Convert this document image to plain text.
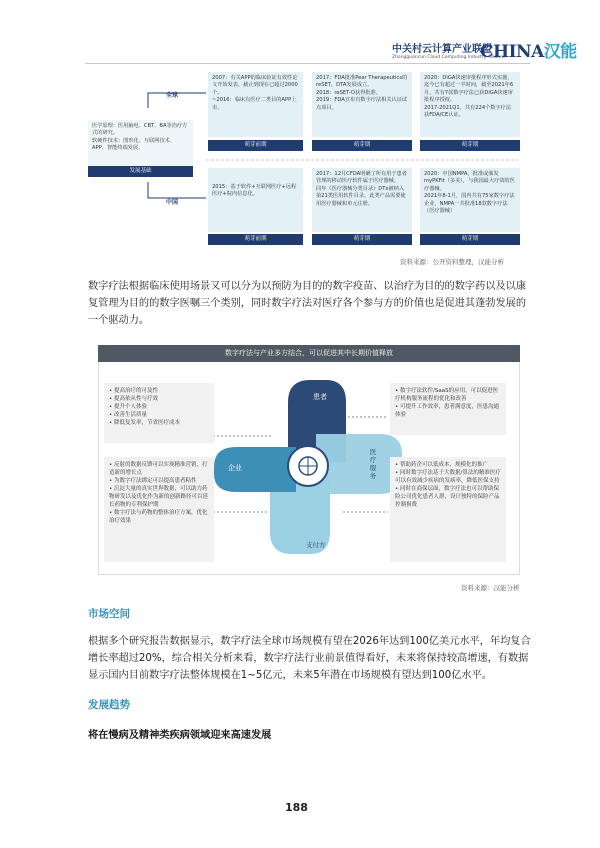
中关村云计算产业联盟
Zhongguancun Cloud Computing Industry Alliance
CHINA汉能
全球
中国
医学原理：医用脑电、CBT、BA等治疗方式的研究。
软硬件技术：图形化、互联网技术、APP、智能终端发展。
发展基础
2007：有关APP的临床验证有效性论文开始发表，截止到现在已超过2000个。
~2016：临床有医疗二类目的APP上市。
2017：FDA批准Pear Therapeutics的reSET，DTA发展成立。
2018：reSET-O获得批准。
2019：FDA宣布有数字疗法相关认证试点项目。
2020：DiGA快速审批程序形式实施，迄今已有超过一半时间，截至2021年6月，共有7款数字疗法已获DiGA快速审批程序授权。
2017-2021Q1，共有224个数字疗法获FDA/CE认证。
萌芽前期	萌芽期	萌芽期
2015：基于软件+互联网医疗+远程医疗+院内信息化。
2017：12月CFDA明确了所有用于患者管理的移动医疗软件属于医疗器械。
同年《医疗器械分类目录》DTx被纳入第21类医用软件目录，此类产品需要使用医疗器械和单元注册。
2020：中国NMPA，批准或颁发myPKFit（多美），与我国最大疗效的医疗器械。
2021年8-1月，国内共有75家数字疗法企业，NMPA一共批准18款数字疗法（医疗器械）
萌芽前期	萌芽期	萌芽期
资料来源：公开资料整理，汉能分析
数字疗法根据临床使用场景又可以分为以预防为目的的数字疫苗、以治疗为目的的数字药以及以康复管理为目的的数字医嘱三个类别，同时数字疗法对医疗各个参与方的价值也是促进其蓬勃发展的一个驱动力。
数字疗法与产业多方结合，可以促进其中长期价值释放
患者
医疗服务
支付方
企业
• 提高治疗的可及性
• 提高依从性与疗效
• 提升个人体验
• 改善生活质量
• 降低复发率，节省医疗成本
• 数字疗法软件/SaaS的应用，可以促进医疗机构服务流程的优化和改善
• 可提升工作效率，患者满意度，医患沟通体验
• 反射的数据反馈可以实现精准营销，打造新的增长点
• 为数字疗法绑定可以提高患者粘性
• 沉淀大量的真实世界数据，可以助力药物研发以及优化作为新的创新路径可以延长药物的专利保护期
• 数字疗法与药物的整体治疗方案，优化治疗效果
• 帮助药企可以低成本、规模化的推广
• 同时数字疗法基于大数据/算法的精准医疗可以有效减少疾病的发病率，降低医保支持
• 同时在商保层面，数字疗法也可以帮助保险公司优化患者人群，设计独特的保险产品控制损费
资料来源：汉能分析
市场空间
根据多个研究报告数据显示，数字疗法全球市场规模有望在2026年达到100亿美元水平，年均复合增长率超过20%，综合相关分析来看，数字疗法行业前景值得看好，未来将保持较高增速，有数据显示国内目前数字疗法整体规模在1~5亿元，未来5年潜在市场规模有望达到100亿水平。
发展趋势
将在慢病及精神类疾病领域迎来高速发展
188
